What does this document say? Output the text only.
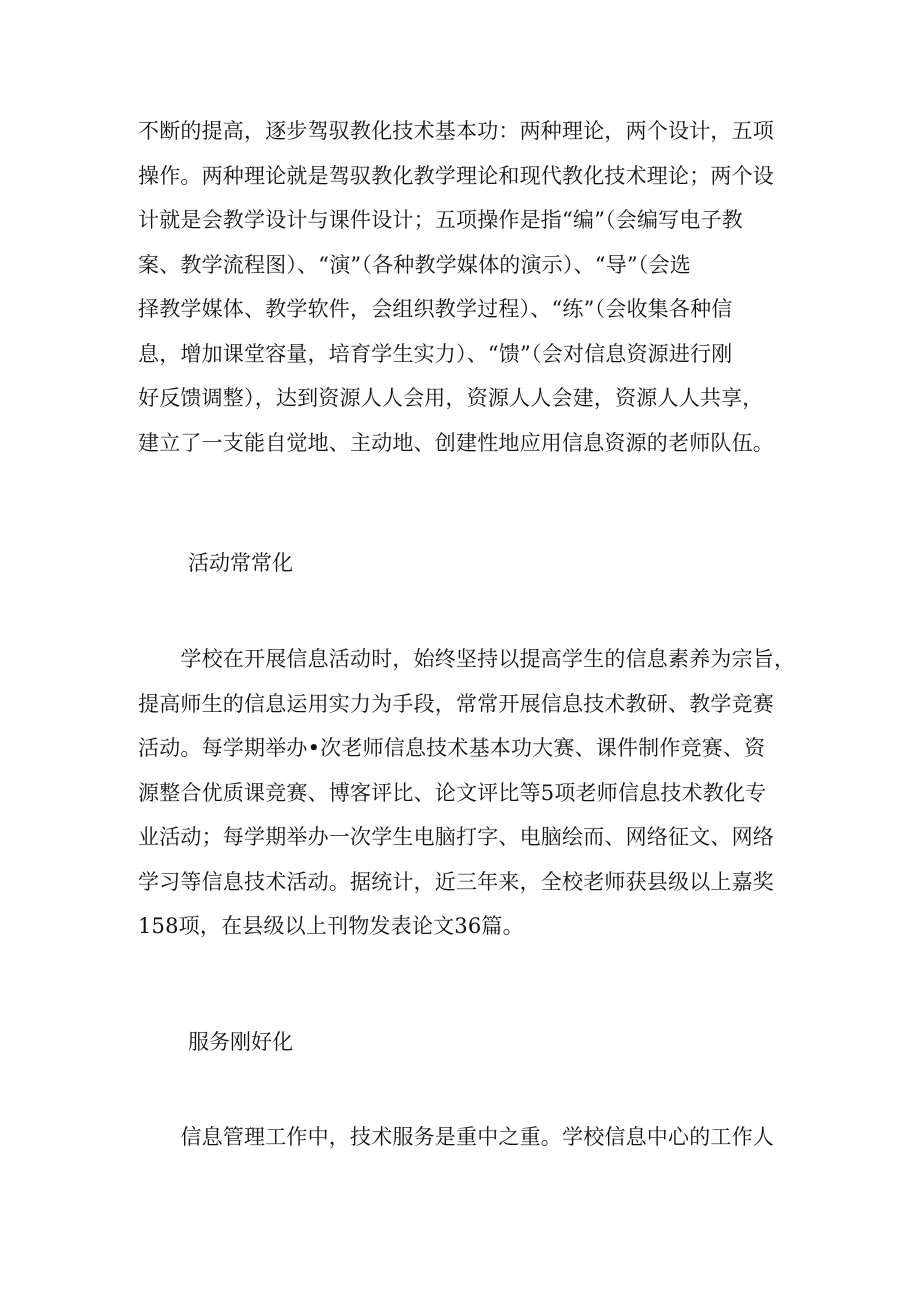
不断的提高，逐步驾驭教化技术基本功：两种理论，两个设计，五项
操作。两种理论就是驾驭教化教学理论和现代教化技术理论；两个设
计就是会教学设计与课件设计；五项操作是指“编”（会编写电子教
案、教学流程图）、“演”（各种教学媒体的演示）、“导”（会选
择教学媒体、教学软件，会组织教学过程）、“练”（会收集各种信
息，增加课堂容量，培育学生实力）、“馈”（会对信息资源进行刚
好反馈调整），达到资源人人会用，资源人人会建，资源人人共享，
建立了一支能自觉地、主动地、创建性地应用信息资源的老师队伍。

活动常常化

　　学校在开展信息活动时，始终坚持以提高学生的信息素养为宗旨，
提高师生的信息运用实力为手段，常常开展信息技术教研、教学竞赛
活动。每学期举办•次老师信息技术基本功大赛、课件制作竞赛、资
源整合优质课竞赛、博客评比、论文评比等5项老师信息技术教化专
业活动；每学期举办一次学生电脑打字、电脑绘而、网络征文、网络
学习等信息技术活动。据统计，近三年来，全校老师获县级以上嘉奖
158项，在县级以上刊物发表论文36篇。

服务刚好化

　　信息管理工作中，技术服务是重中之重。学校信息中心的工作人
